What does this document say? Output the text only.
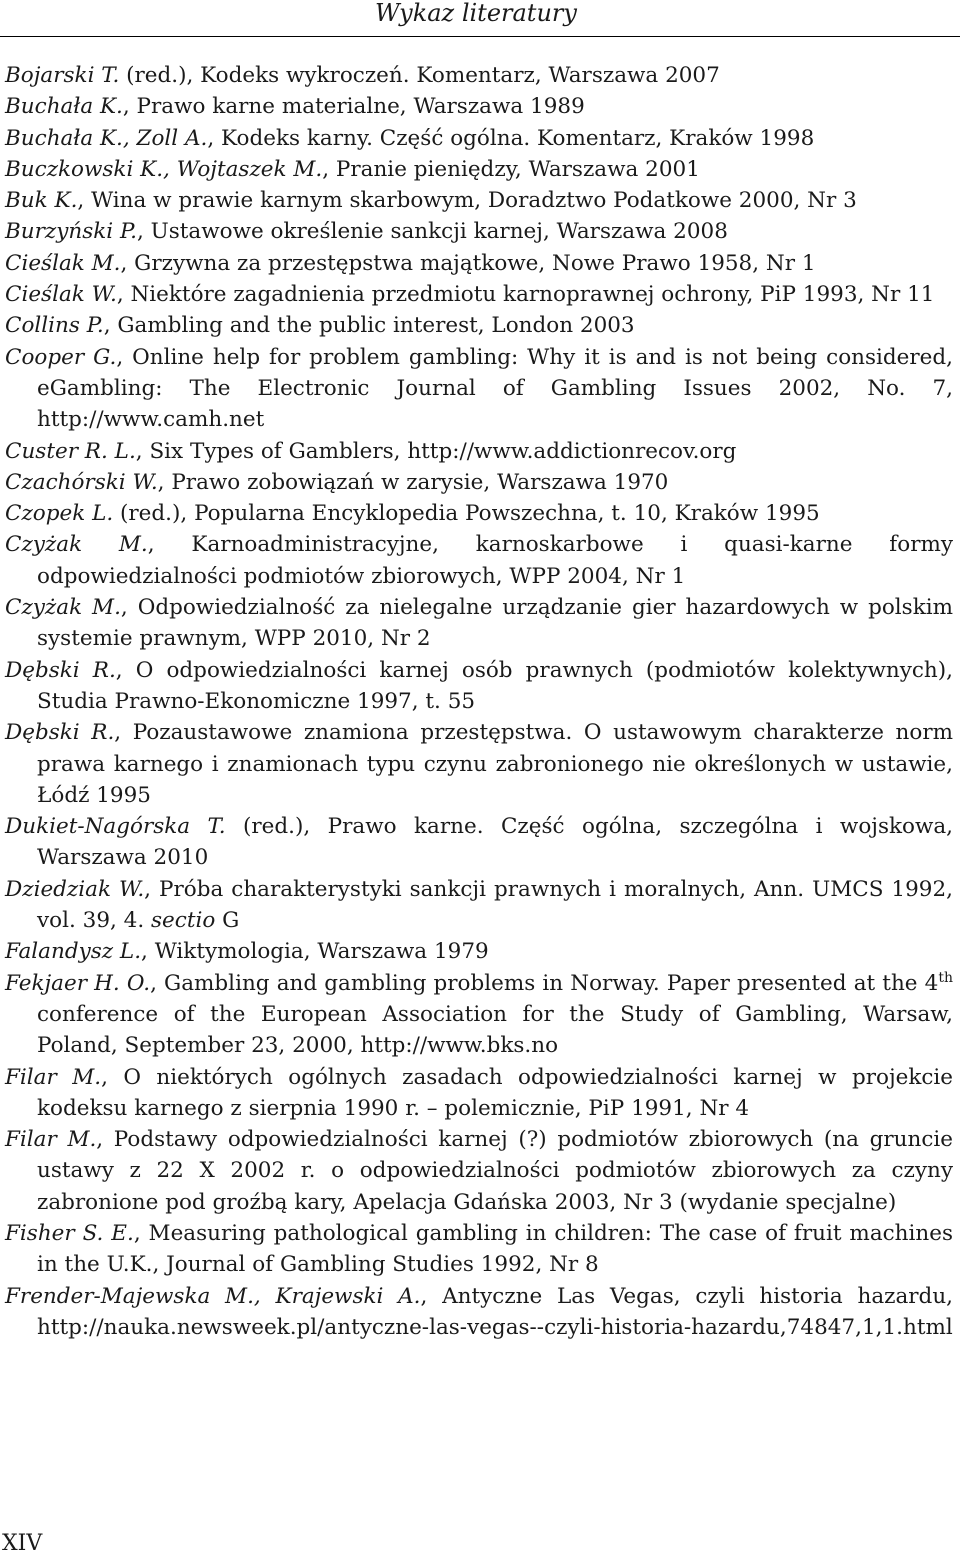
Wykaz literatury
Bojarski T. (red.), Kodeks wykroczeń. Komentarz, Warszawa 2007
Buchała K., Prawo karne materialne, Warszawa 1989
Buchała K., Zoll A., Kodeks karny. Część ogólna. Komentarz, Kraków 1998
Buczkowski K., Wojtaszek M., Pranie pieniędzy, Warszawa 2001
Buk K., Wina w prawie karnym skarbowym, Doradztwo Podatkowe 2000, Nr 3
Burzyński P., Ustawowe określenie sankcji karnej, Warszawa 2008
Cieślak M., Grzywna za przestępstwa majątkowe, Nowe Prawo 1958, Nr 1
Cieślak W., Niektóre zagadnienia przedmiotu karnoprawnej ochrony, PiP 1993, Nr 11
Collins P., Gambling and the public interest, London 2003
Cooper G., Online help for problem gambling: Why it is and is not being considered, eGambling: The Electronic Journal of Gambling Issues 2002, No. 7, http://www.camh.net
Custer R. L., Six Types of Gamblers, http://www.addictionrecov.org
Czachórski W., Prawo zobowiązań w zarysie, Warszawa 1970
Czopek L. (red.), Popularna Encyklopedia Powszechna, t. 10, Kraków 1995
Czyżak M., Karnoadministracyjne, karnoskarbowe i quasi-karne formy odpowiedzialności podmiotów zbiorowych, WPP 2004, Nr 1
Czyżak M., Odpowiedzialność za nielegalne urządzanie gier hazardowych w polskim systemie prawnym, WPP 2010, Nr 2
Dębski R., O odpowiedzialności karnej osób prawnych (podmiotów kolektywnych), Studia Prawno-Ekonomiczne 1997, t. 55
Dębski R., Pozaustawowe znamiona przestępstwa. O ustawowym charakterze norm prawa karnego i znamionach typu czynu zabronionego nie określonych w ustawie, Łódź 1995
Dukiet-Nagórska T. (red.), Prawo karne. Część ogólna, szczególna i wojskowa, Warszawa 2010
Dziedziak W., Próba charakterystyki sankcji prawnych i moralnych, Ann. UMCS 1992, vol. 39, 4. sectio G
Falandysz L., Wiktymologia, Warszawa 1979
Fekjaer H. O., Gambling and gambling problems in Norway. Paper presented at the 4th conference of the European Association for the Study of Gambling, Warsaw, Poland, September 23, 2000, http://www.bks.no
Filar M., O niektórych ogólnych zasadach odpowiedzialności karnej w projekcie kodeksu karnego z sierpnia 1990 r. – polemicznie, PiP 1991, Nr 4
Filar M., Podstawy odpowiedzialności karnej (?) podmiotów zbiorowych (na gruncie ustawy z 22 X 2002 r. o odpowiedzialności podmiotów zbiorowych za czyny zabronione pod groźbą kary, Apelacja Gdańska 2003, Nr 3 (wydanie specjalne)
Fisher S. E., Measuring pathological gambling in children: The case of fruit machines in the U.K., Journal of Gambling Studies 1992, Nr 8
Frender-Majewska M., Krajewski A., Antyczne Las Vegas, czyli historia hazardu, http://nauka.newsweek.pl/antyczne-las-vegas--czyli-historia-hazardu,74847,1,1.html
XIV
